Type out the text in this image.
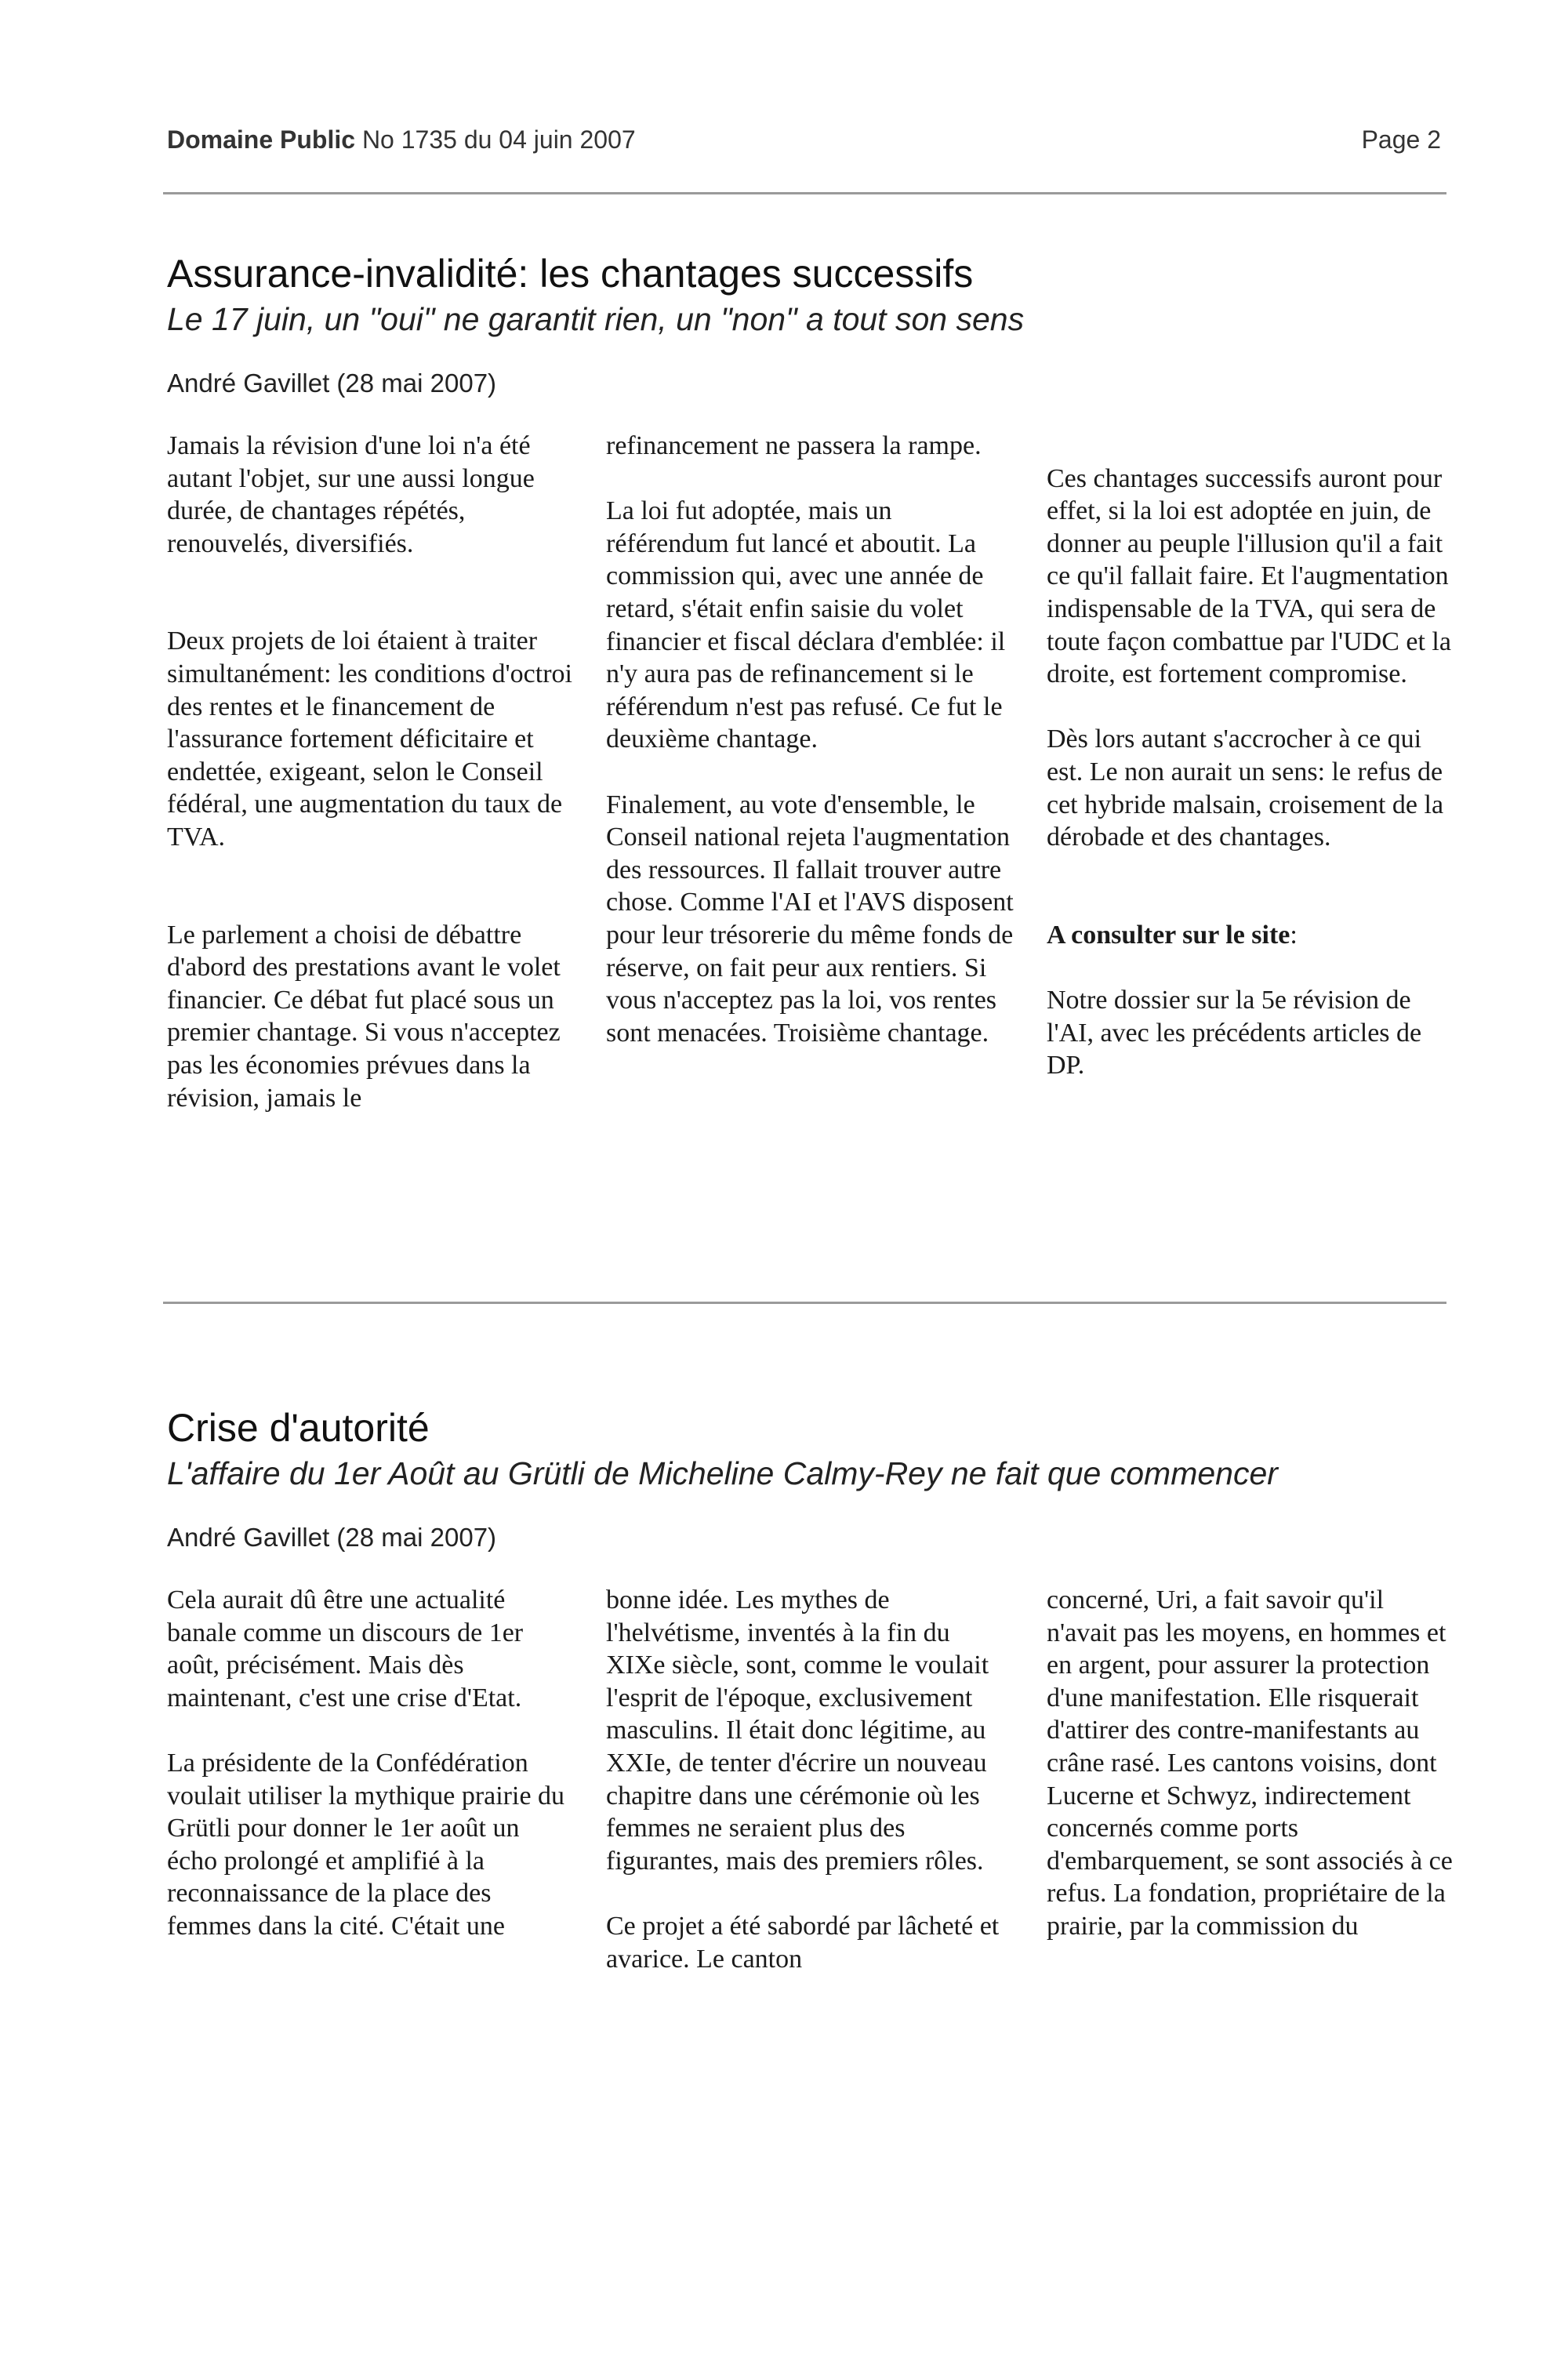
Domaine Public No 1735 du 04 juin 2007	Page 2
Assurance-invalidité: les chantages successifs

Le 17 juin, un "oui" ne garantit rien, un "non" a tout son sens

André Gavillet (28 mai 2007)

Jamais la révision d'une loi n'a été autant l'objet, sur une aussi longue durée, de chantages répétés, renouvelés, diversifiés.

Deux projets de loi étaient à traiter simultanément: les conditions d'octroi des rentes et le financement de l'assurance fortement déficitaire et endettée, exigeant, selon le Conseil fédéral, une augmentation du taux de TVA.

Le parlement a choisi de débattre d'abord des prestations avant le volet financier. Ce débat fut placé sous un premier chantage. Si vous n'acceptez pas les économies prévues dans la révision, jamais le

refinancement ne passera la rampe.

La loi fut adoptée, mais un référendum fut lancé et aboutit. La commission qui, avec une année de retard, s'était enfin saisie du volet financier et fiscal déclara d'emblée: il n'y aura pas de refinancement si le référendum n'est pas refusé. Ce fut le deuxième chantage.

Finalement, au vote d'ensemble, le Conseil national rejeta l'augmentation des ressources. Il fallait trouver autre chose. Comme l'AI et l'AVS disposent pour leur trésorerie du même fonds de réserve, on fait peur aux rentiers. Si vous n'acceptez pas la loi, vos rentes sont menacées. Troisième chantage.

Ces chantages successifs auront pour effet, si la loi est adoptée en juin, de donner au peuple l'illusion qu'il a fait ce qu'il fallait faire. Et l'augmentation indispensable de la TVA, qui sera de toute façon combattue par l'UDC et la droite, est fortement compromise.

Dès lors autant s'accrocher à ce qui est. Le non aurait un sens: le refus de cet hybride malsain, croisement de la dérobade et des chantages.

A consulter sur le site:

Notre dossier sur la 5e révision de l'AI, avec les précédents articles de DP.

Crise d'autorité

L'affaire du 1er Août au Grütli de Micheline Calmy-Rey ne fait que commencer

André Gavillet (28 mai 2007)

Cela aurait dû être une actualité banale comme un discours de 1er août, précisément. Mais dès maintenant, c'est une crise d'Etat.

La présidente de la Confédération voulait utiliser la mythique prairie du Grütli pour donner le 1er août un écho prolongé et amplifié à la reconnaissance de la place des femmes dans la cité. C'était une

bonne idée. Les mythes de l'helvétisme, inventés à la fin du XIXe siècle, sont, comme le voulait l'esprit de l'époque, exclusivement masculins. Il était donc légitime, au XXIe, de tenter d'écrire un nouveau chapitre dans une cérémonie où les femmes ne seraient plus des figurantes, mais des premiers rôles.

Ce projet a été sabordé par lâcheté et avarice. Le canton

concerné, Uri, a fait savoir qu'il n'avait pas les moyens, en hommes et en argent, pour assurer la protection d'une manifestation. Elle risquerait d'attirer des contre-manifestants au crâne rasé. Les cantons voisins, dont Lucerne et Schwyz, indirectement concernés comme ports d'embarquement, se sont associés à ce refus. La fondation, propriétaire de la prairie, par la commission du
